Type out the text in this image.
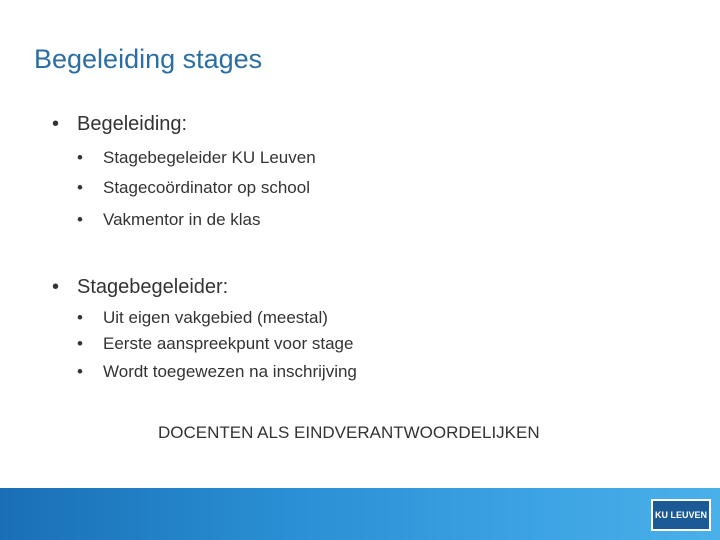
Begeleiding stages
• Begeleiding:
• Stagebegeleider KU Leuven
• Stagecoördinator op school
• Vakmentor in de klas
• Stagebegeleider:
• Uit eigen vakgebied (meestal)
• Eerste aanspreekpunt voor stage
• Wordt toegewezen na inschrijving
DOCENTEN ALS EINDVERANTWOORDELIJKEN
KU LEUVEN
